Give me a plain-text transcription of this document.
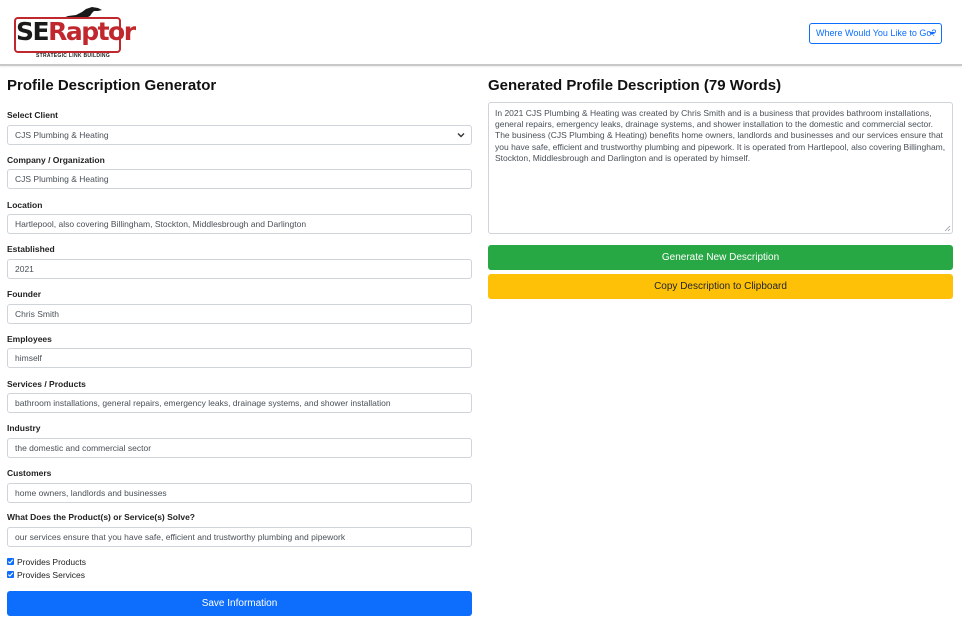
SERaptor
STRATEGIC LINK BUILDING
Where Would You Like to Go?
Profile Description Generator
Select Client
CJS Plumbing & Heating
Company / Organization
CJS Plumbing & Heating
Location
Hartlepool, also covering Billingham, Stockton, Middlesbrough and Darlington
Established
2021
Founder
Chris Smith
Employees
himself
Services / Products
bathroom installations, general repairs, emergency leaks, drainage systems, and shower installation
Industry
the domestic and commercial sector
Customers
home owners, landlords and businesses
What Does the Product(s) or Service(s) Solve?
our services ensure that you have safe, efficient and trustworthy plumbing and pipework
Provides Products
Provides Services
Save Information
Generated Profile Description (79 Words)
In 2021 CJS Plumbing & Heating was created by Chris Smith and is a business that provides bathroom installations, general repairs, emergency leaks, drainage systems, and shower installation to the domestic and commercial sector. The business (CJS Plumbing & Heating) benefits home owners, landlords and businesses and our services ensure that you have safe, efficient and trustworthy plumbing and pipework. It is operated from Hartlepool, also covering Billingham, Stockton, Middlesbrough and Darlington and is operated by himself.
Generate New Description
Copy Description to Clipboard
